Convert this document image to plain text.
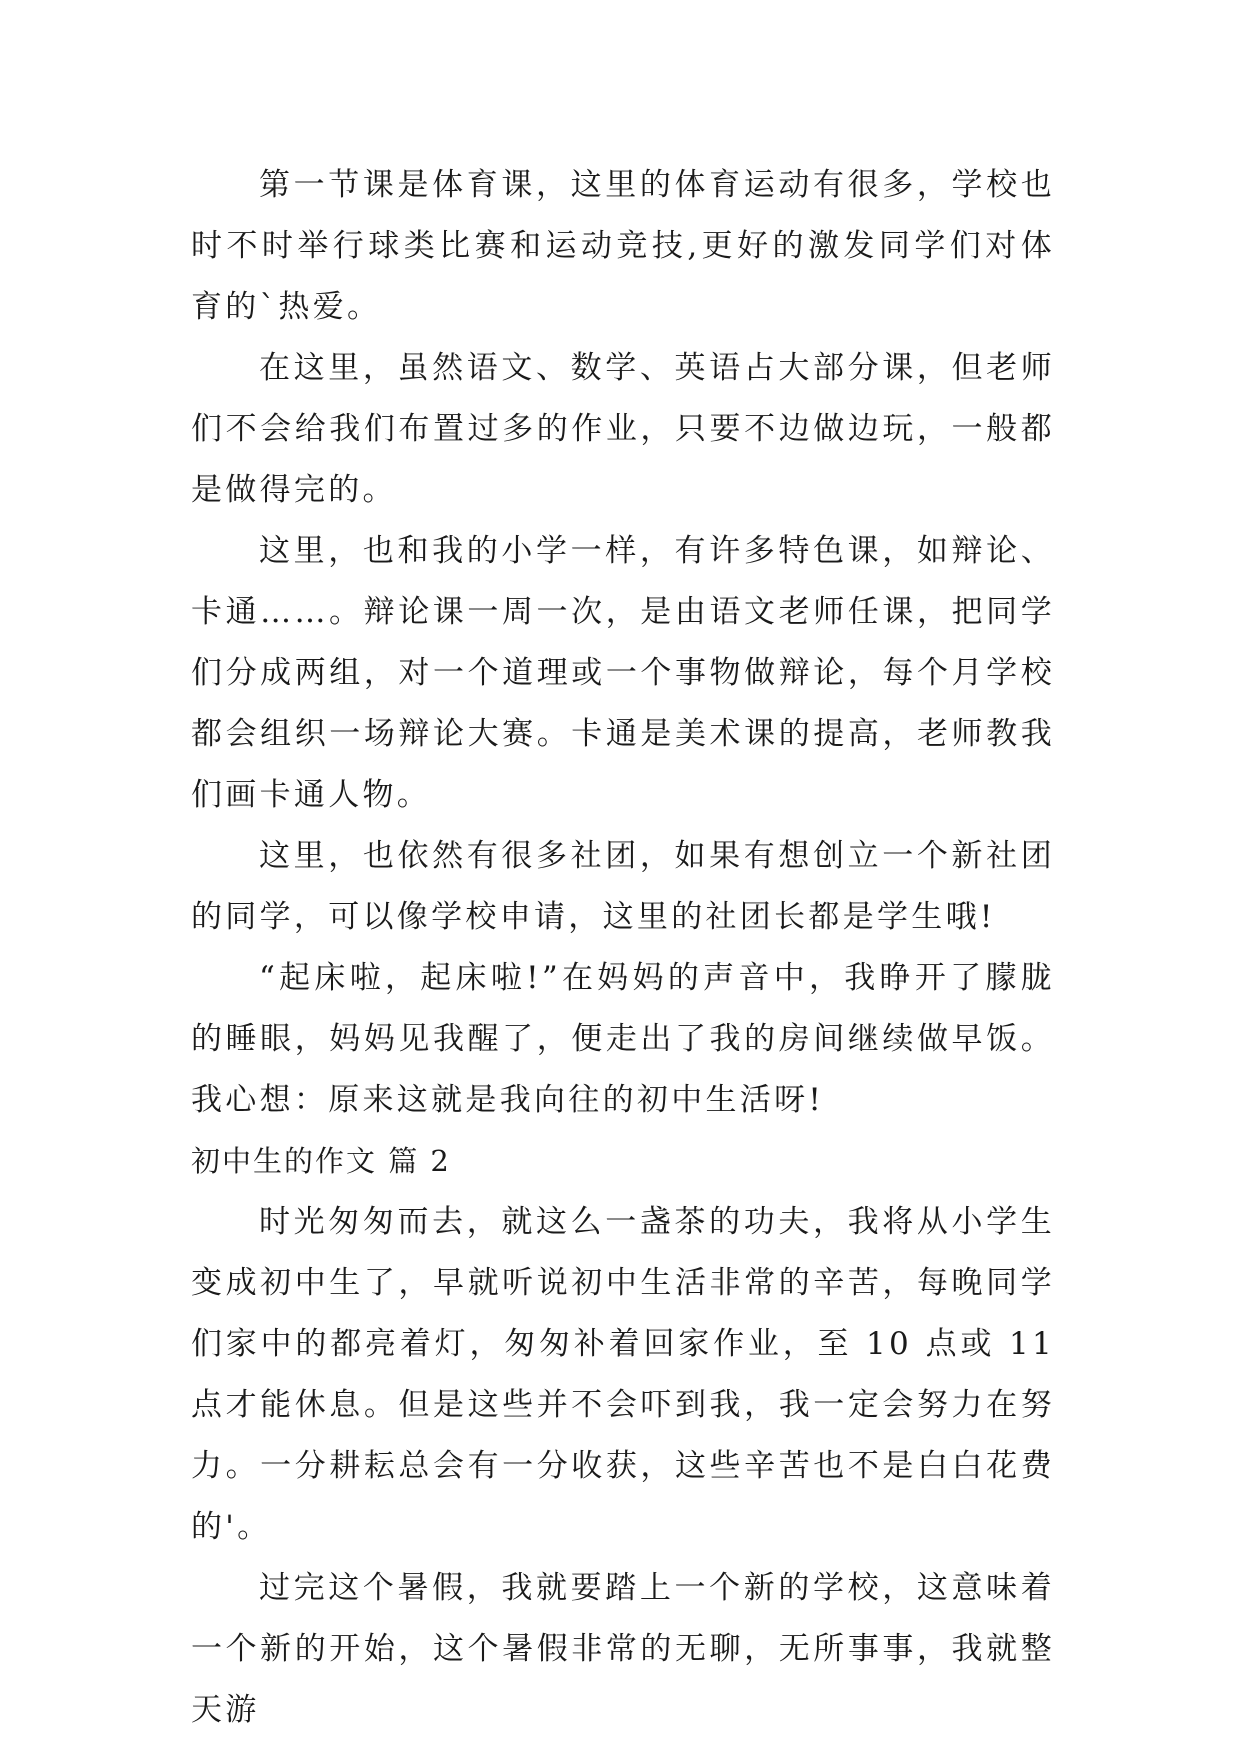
第一节课是体育课，这里的体育运动有很多，学校也时不时举行球类比赛和运动竞技,更好的激发同学们对体育的`热爱。

在这里，虽然语文、数学、英语占大部分课，但老师们不会给我们布置过多的作业，只要不边做边玩，一般都是做得完的。

这里，也和我的小学一样，有许多特色课，如辩论、卡通……。辩论课一周一次，是由语文老师任课，把同学们分成两组，对一个道理或一个事物做辩论，每个月学校都会组织一场辩论大赛。卡通是美术课的提高，老师教我们画卡通人物。

这里，也依然有很多社团，如果有想创立一个新社团的同学，可以像学校申请，这里的社团长都是学生哦!

“起床啦，起床啦!”在妈妈的声音中，我睁开了朦胧的睡眼，妈妈见我醒了，便走出了我的房间继续做早饭。我心想：原来这就是我向往的初中生活呀!

初中生的作文 篇 2

时光匆匆而去，就这么一盏茶的功夫，我将从小学生变成初中生了，早就听说初中生活非常的辛苦，每晚同学们家中的都亮着灯，匆匆补着回家作业，至 10 点或 11 点才能休息。但是这些并不会吓到我，我一定会努力在努力。一分耕耘总会有一分收获，这些辛苦也不是白白花费的'。

过完这个暑假，我就要踏上一个新的学校，这意味着一个新的开始，这个暑假非常的无聊，无所事事，我就整天游
